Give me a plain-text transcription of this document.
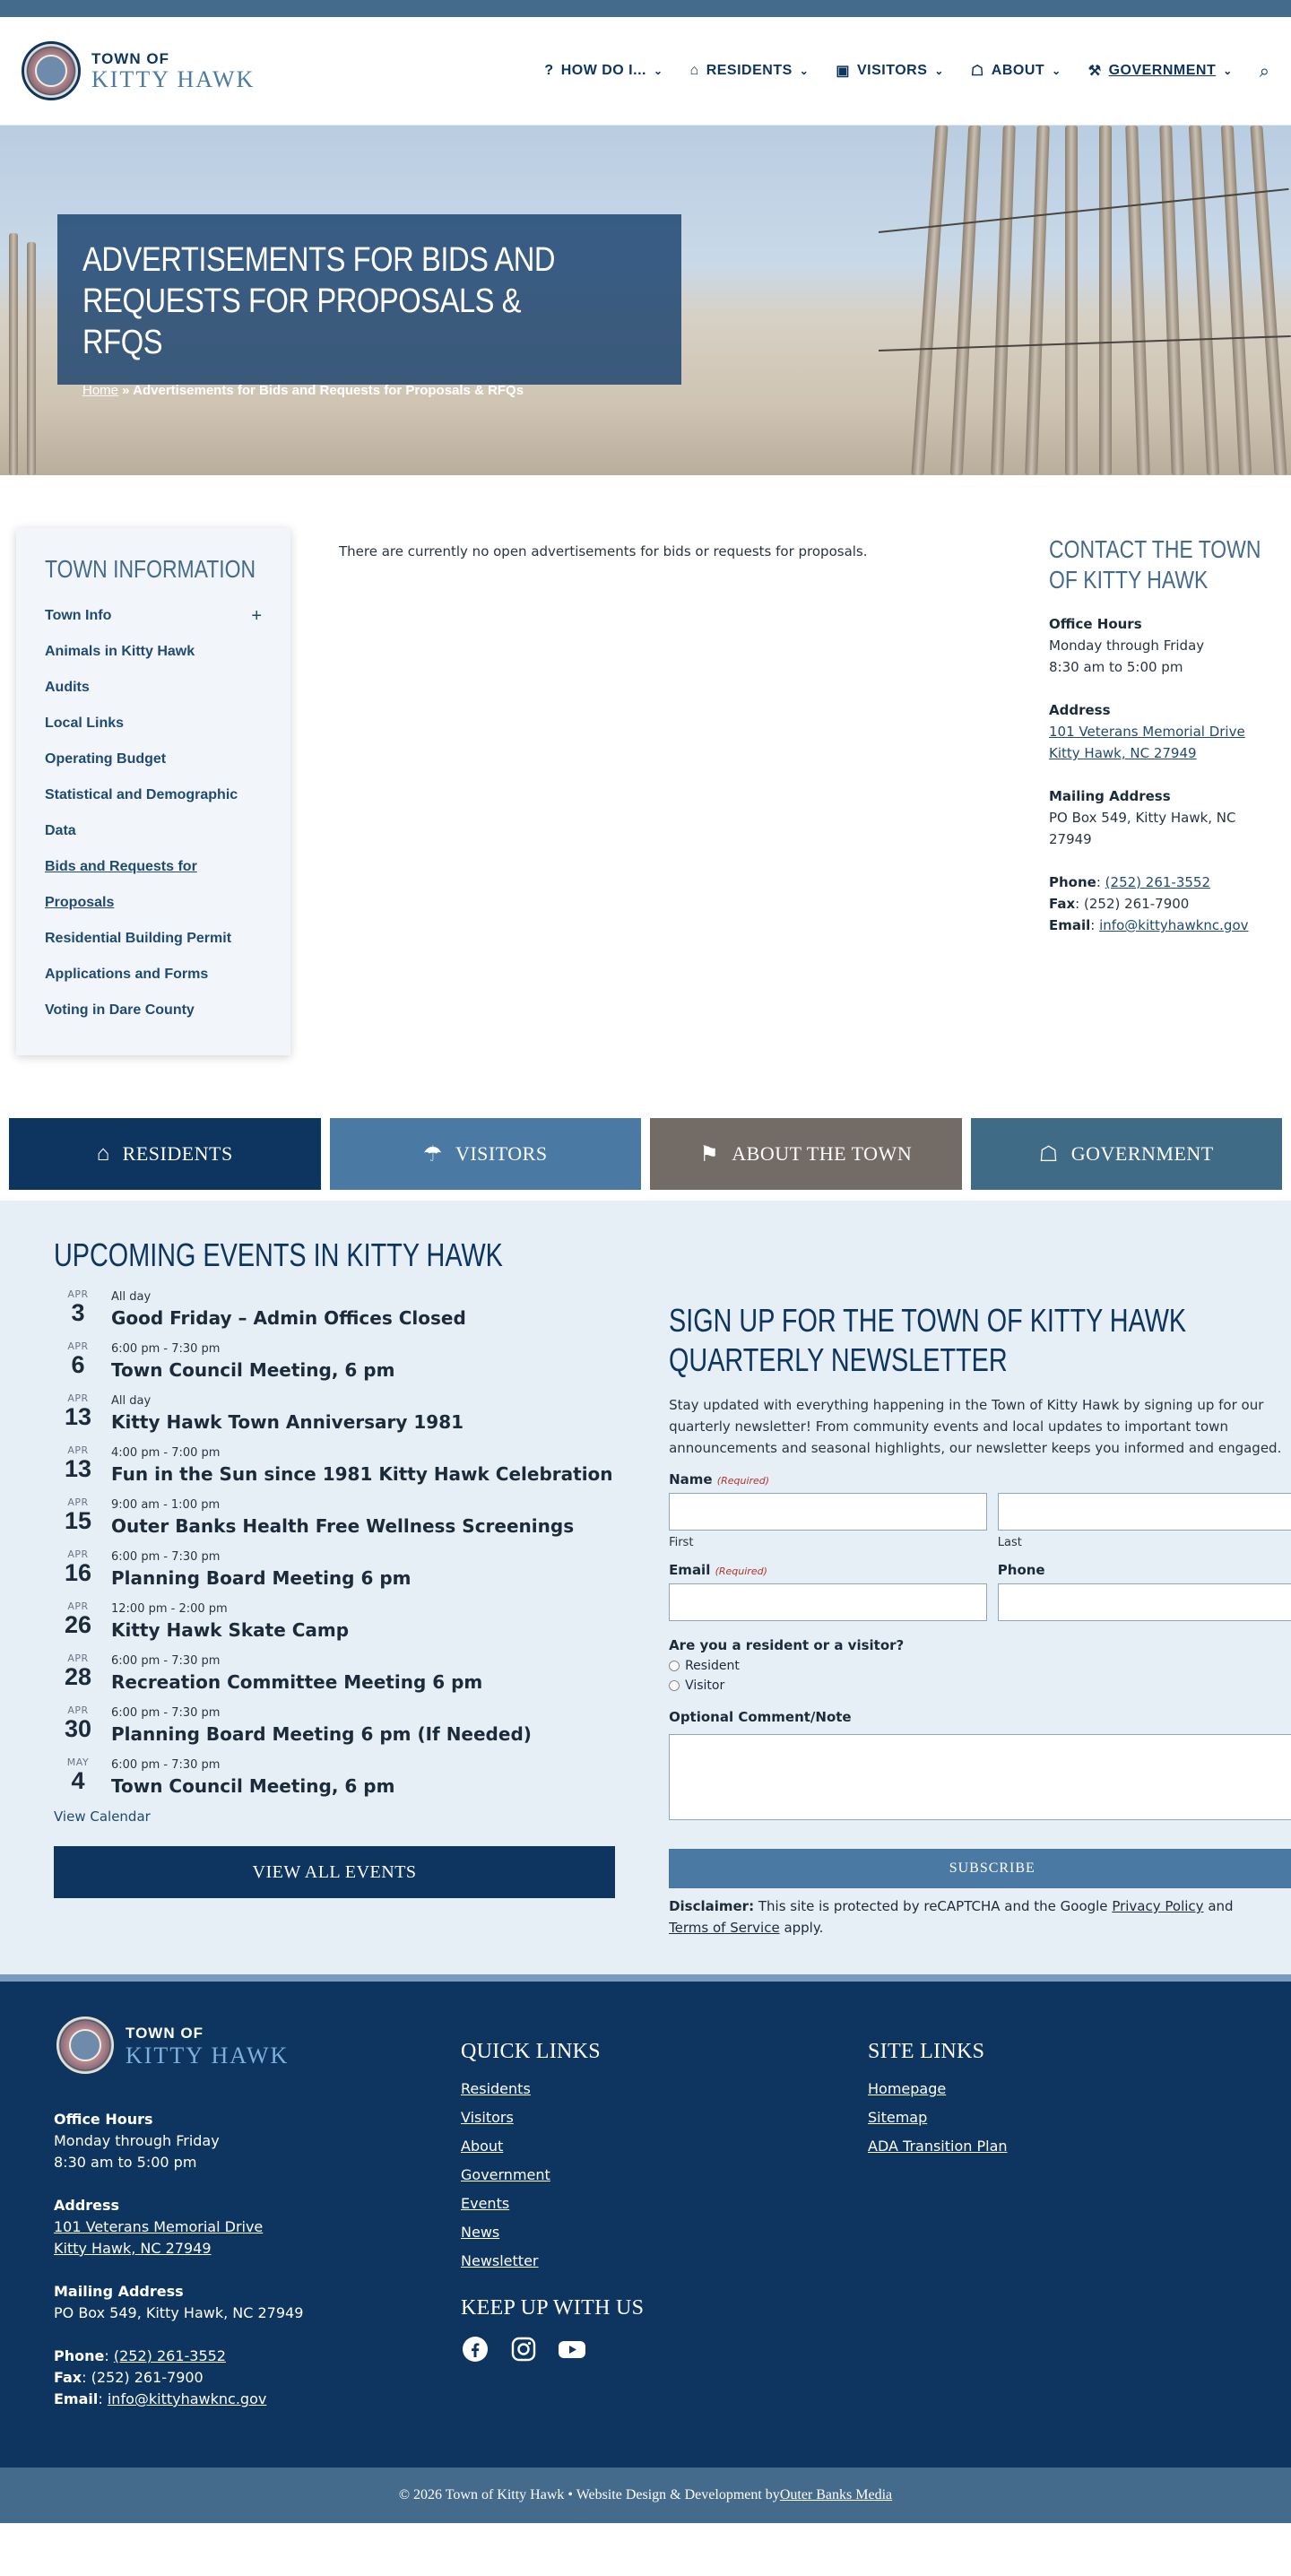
TOWN OF
KITTY HAWK	? HOW DO I... ⌄ ⌂ RESIDENTS ⌄ ▣ VISITORS ⌄ ☖ ABOUT ⌄ ⚒ GOVERNMENT ⌄ ⌕
ADVERTISEMENTS FOR BIDS AND REQUESTS FOR PROPOSALS & RFQS
Home » Advertisements for Bids and Requests for Proposals & RFQs
TOWN INFORMATION
Town Info	+
Animals in Kitty Hawk
Audits
Local Links
Operating Budget
Statistical and Demographic
Data
Bids and Requests for
Proposals
Residential Building Permit
Applications and Forms
Voting in Dare County

There are currently no open advertisements for bids or requests for proposals.	CONTACT THE TOWN
OF KITTY HAWK
Office Hours
Monday through Friday
8:30 am to 5:00 pm
Address
101 Veterans Memorial Drive
Kitty Hawk, NC 27949
Mailing Address
PO Box 549, Kitty Hawk, NC
27949
Phone: (252) 261-3552
Fax: (252) 261-7900
Email: info@kittyhawknc.gov
⌂ RESIDENTS	☂ VISITORS	⚑ ABOUT THE TOWN	☖ GOVERNMENT
UPCOMING EVENTS IN KITTY HAWK
APR
3
All day
Good Friday – Admin Offices Closed
APR
6
6:00 pm - 7:30 pm
Town Council Meeting, 6 pm
APR
13
All day
Kitty Hawk Town Anniversary 1981
APR
13
4:00 pm - 7:00 pm
Fun in the Sun since 1981 Kitty Hawk Celebration
APR
15
9:00 am - 1:00 pm
Outer Banks Health Free Wellness Screenings
APR
16
6:00 pm - 7:30 pm
Planning Board Meeting 6 pm
APR
26
12:00 pm - 2:00 pm
Kitty Hawk Skate Camp
APR
28
6:00 pm - 7:30 pm
Recreation Committee Meeting 6 pm
APR
30
6:00 pm - 7:30 pm
Planning Board Meeting 6 pm (If Needed)
MAY
4
6:00 pm - 7:30 pm
Town Council Meeting, 6 pm
View Calendar
VIEW ALL EVENTS
SIGN UP FOR THE TOWN OF KITTY HAWK
QUARTERLY NEWSLETTER

Stay updated with everything happening in the Town of Kitty Hawk by signing up for our quarterly newsletter! From community events and local updates to important town announcements and seasonal highlights, our newsletter keeps you informed and engaged.

Name (Required)
First	Last
Email (Required)	Phone
Are you a resident or a visitor?
Resident
Visitor
Optional Comment/Note
SUBSCRIBE

Disclaimer: This site is protected by reCAPTCHA and the Google Privacy Policy and
Terms of Service apply.

TOWN OF
KITTY HAWK
Office Hours
Monday through Friday
8:30 am to 5:00 pm
Address
101 Veterans Memorial Drive
Kitty Hawk, NC 27949
Mailing Address
PO Box 549, Kitty Hawk, NC 27949
Phone: (252) 261-3552
Fax: (252) 261-7900
Email: info@kittyhawknc.gov
QUICK LINKS
Residents
Visitors
About
Government
Events
News
Newsletter
KEEP UP WITH US
SITE LINKS
Homepage
Sitemap
ADA Transition Plan
© 2026 Town of Kitty Hawk • Website Design & Development by Outer Banks Media
